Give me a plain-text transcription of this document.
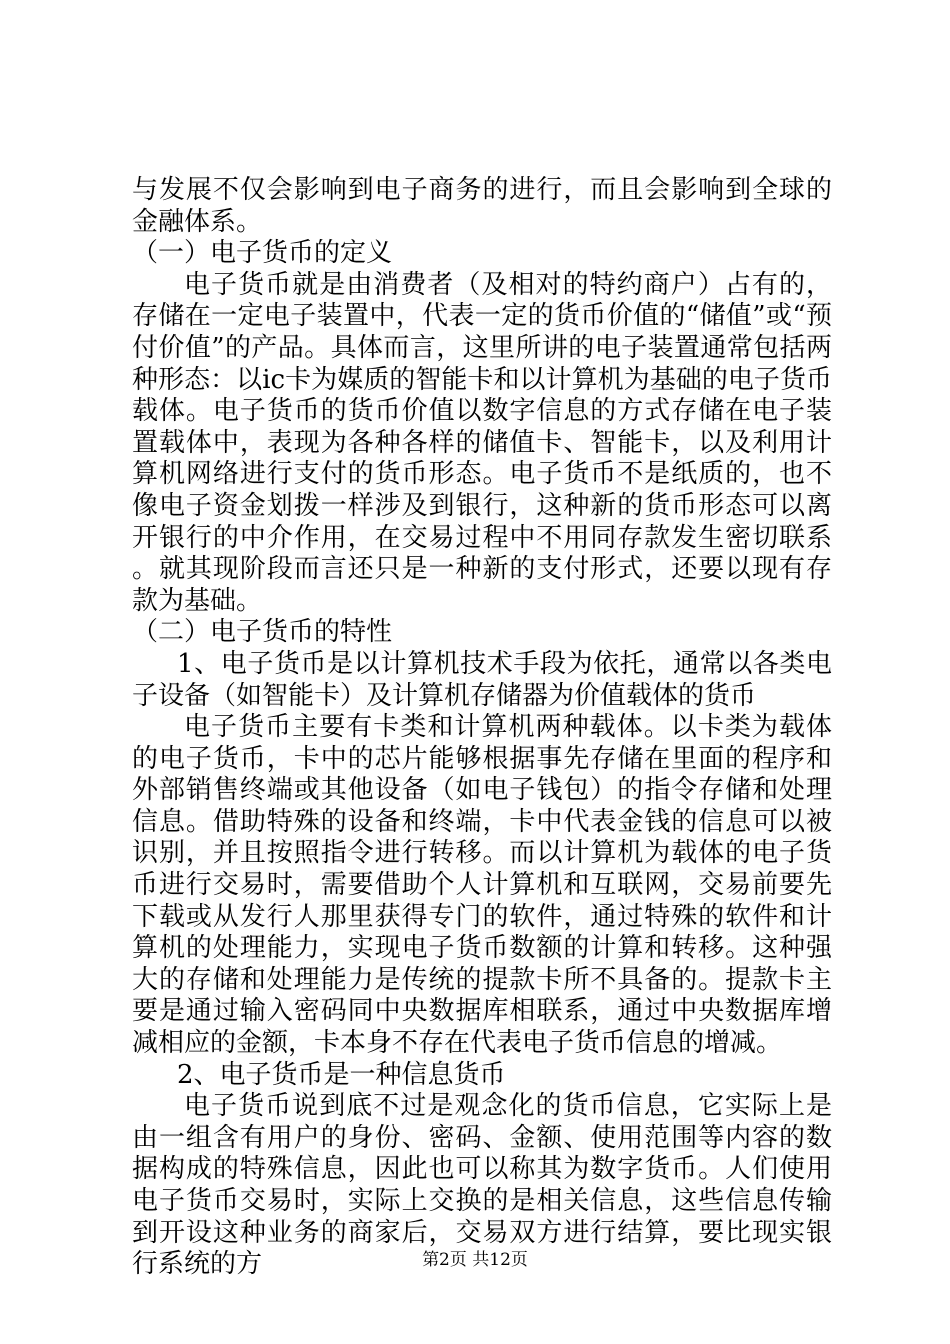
与发展不仅会影响到电子商务的进行，而且会影响到全球的金融体系。

（一）电子货币的定义

电子货币就是由消费者（及相对的特约商户）占有的，存储在一定电子装置中，代表一定的货币价值的“储值”或“预付价值”的产品。具体而言，这里所讲的电子装置通常包括两种形态：以ic卡为媒质的智能卡和以计算机为基础的电子货币载体。电子货币的货币价值以数字信息的方式存储在电子装置载体中，表现为各种各样的储值卡、智能卡，以及利用计算机网络进行支付的货币形态。电子货币不是纸质的，也不像电子资金划拨一样涉及到银行，这种新的货币形态可以离开银行的中介作用，在交易过程中不用同存款发生密切联系。就其现阶段而言还只是一种新的支付形式，还要以现有存款为基础。

（二）电子货币的特性

1、电子货币是以计算机技术手段为依托，通常以各类电子设备（如智能卡）及计算机存储器为价值载体的货币

电子货币主要有卡类和计算机两种载体。以卡类为载体的电子货币，卡中的芯片能够根据事先存储在里面的程序和外部销售终端或其他设备（如电子钱包）的指令存储和处理信息。借助特殊的设备和终端，卡中代表金钱的信息可以被识别，并且按照指令进行转移。而以计算机为载体的电子货币进行交易时，需要借助个人计算机和互联网，交易前要先下载或从发行人那里获得专门的软件，通过特殊的软件和计算机的处理能力，实现电子货币数额的计算和转移。这种强大的存储和处理能力是传统的提款卡所不具备的。提款卡主要是通过输入密码同中央数据库相联系，通过中央数据库增减相应的金额，卡本身不存在代表电子货币信息的增减。

2、电子货币是一种信息货币

电子货币说到底不过是观念化的货币信息，它实际上是由一组含有用户的身份、密码、金额、使用范围等内容的数据构成的特殊信息，因此也可以称其为数字货币。人们使用电子货币交易时，实际上交换的是相关信息，这些信息传输到开设这种业务的商家后，交易双方进行结算，要比现实银行系统的方	第2页 共12页
